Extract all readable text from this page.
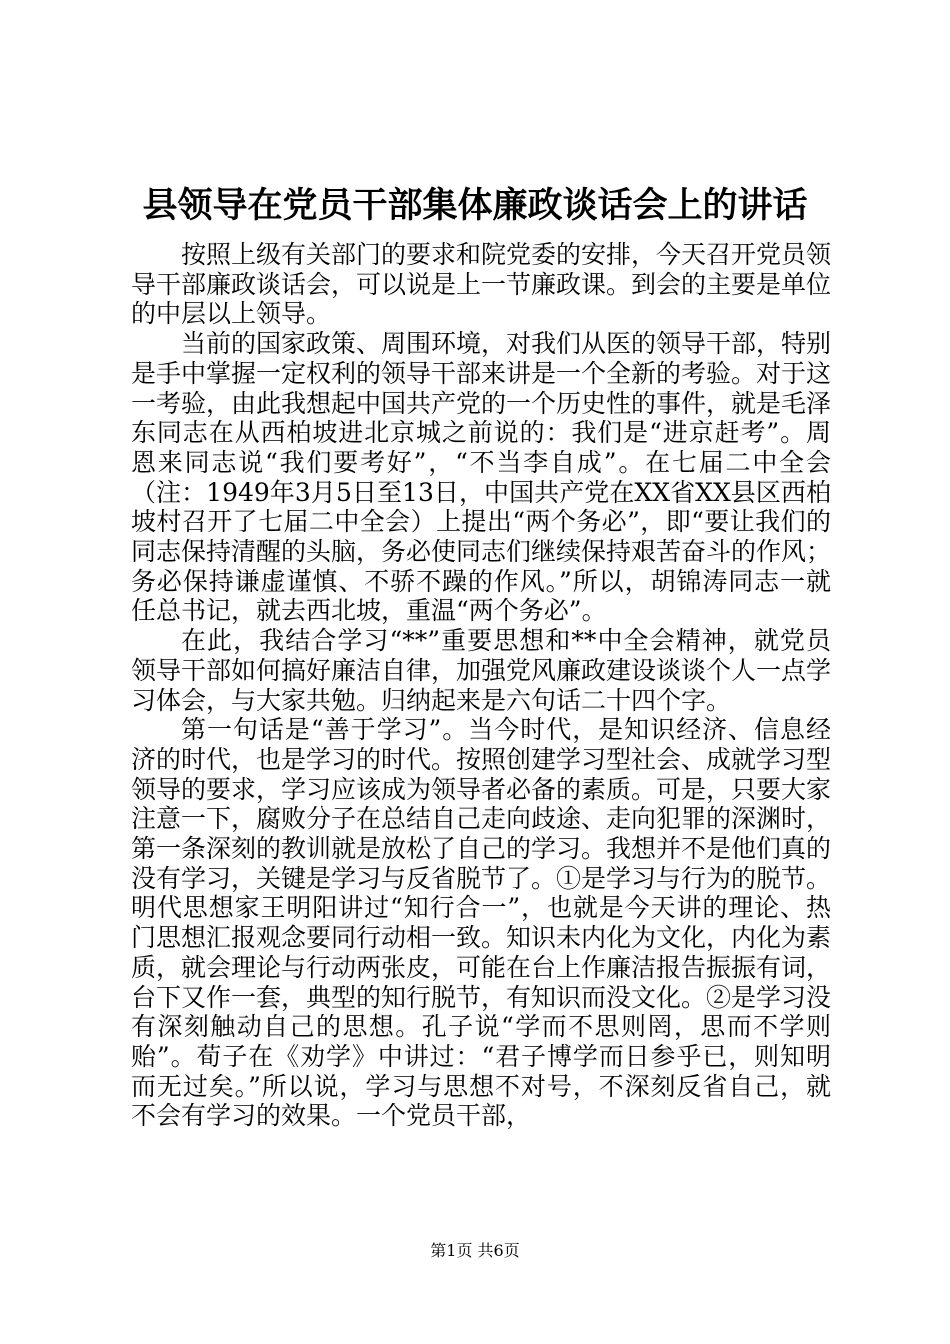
县领导在党员干部集体廉政谈话会上的讲话

按照上级有关部门的要求和院党委的安排，今天召开党员领导干部廉政谈话会，可以说是上一节廉政课。到会的主要是单位的中层以上领导。

当前的国家政策、周围环境，对我们从医的领导干部，特别是手中掌握一定权利的领导干部来讲是一个全新的考验。对于这一考验，由此我想起中国共产党的一个历史性的事件，就是毛泽东同志在从西柏坡进北京城之前说的：我们是“进京赶考”。周恩来同志说“我们要考好”，“不当李自成”。在七届二中全会（注：1949年3月5日至13日，中国共产党在XX省XX县区西柏坡村召开了七届二中全会）上提出“两个务必”，即“要让我们的同志保持清醒的头脑，务必使同志们继续保持艰苦奋斗的作风；务必保持谦虚谨慎、不骄不躁的作风。”所以，胡锦涛同志一就任总书记，就去西北坡，重温“两个务必”。

在此，我结合学习“**”重要思想和**中全会精神，就党员领导干部如何搞好廉洁自律，加强党风廉政建设谈谈个人一点学习体会，与大家共勉。归纳起来是六句话二十四个字。

第一句话是“善于学习”。当今时代，是知识经济、信息经济的时代，也是学习的时代。按照创建学习型社会、成就学习型领导的要求，学习应该成为领导者必备的素质。可是，只要大家注意一下，腐败分子在总结自己走向歧途、走向犯罪的深渊时，第一条深刻的教训就是放松了自己的学习。我想并不是他们真的没有学习，关键是学习与反省脱节了。①是学习与行为的脱节。明代思想家王明阳讲过“知行合一”，也就是今天讲的理论、热门思想汇报观念要同行动相一致。知识未内化为文化，内化为素质，就会理论与行动两张皮，可能在台上作廉洁报告振振有词，台下又作一套，典型的知行脱节，有知识而没文化。②是学习没有深刻触动自己的思想。孔子说“学而不思则罔，思而不学则贻”。荀子在《劝学》中讲过：“君子博学而日参乎已，则知明而无过矣。”所以说，学习与思想不对号，不深刻反省自己，就不会有学习的效果。一个党员干部，

第1页 共6页
